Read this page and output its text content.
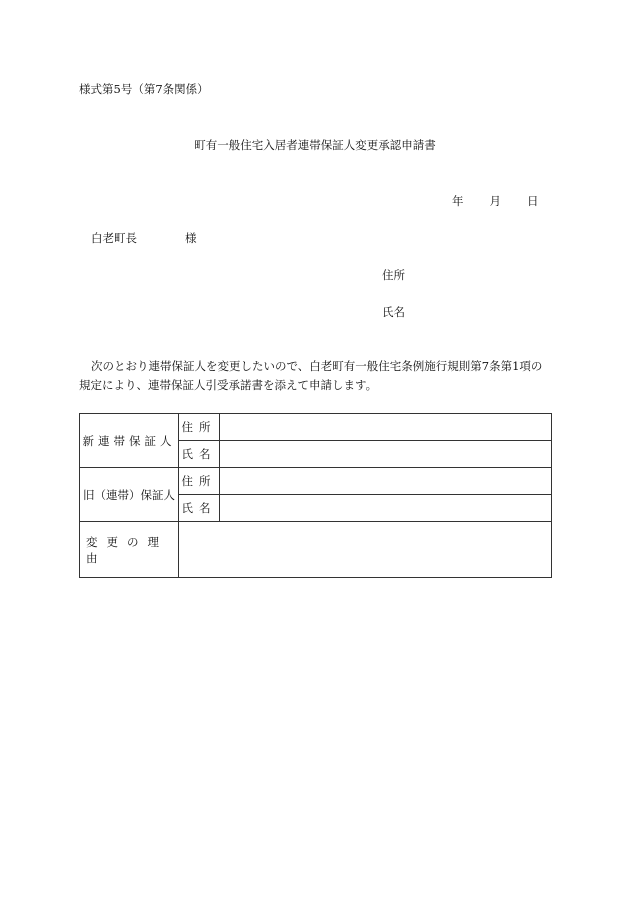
様式第5号（第7条関係）
町有一般住宅入居者連帯保証人変更承認申請書
年 月 日
白老町長	様
住所
氏名
次のとおり連帯保証人を変更したいので、白老町有一般住宅条例施行規則第7条第1項の規定により、連帯保証人引受承諾書を添えて申請します。
新連帯保証人	住所	
	氏名	
旧（連帯）保証人	住所	
	氏名	
変更の理由		
